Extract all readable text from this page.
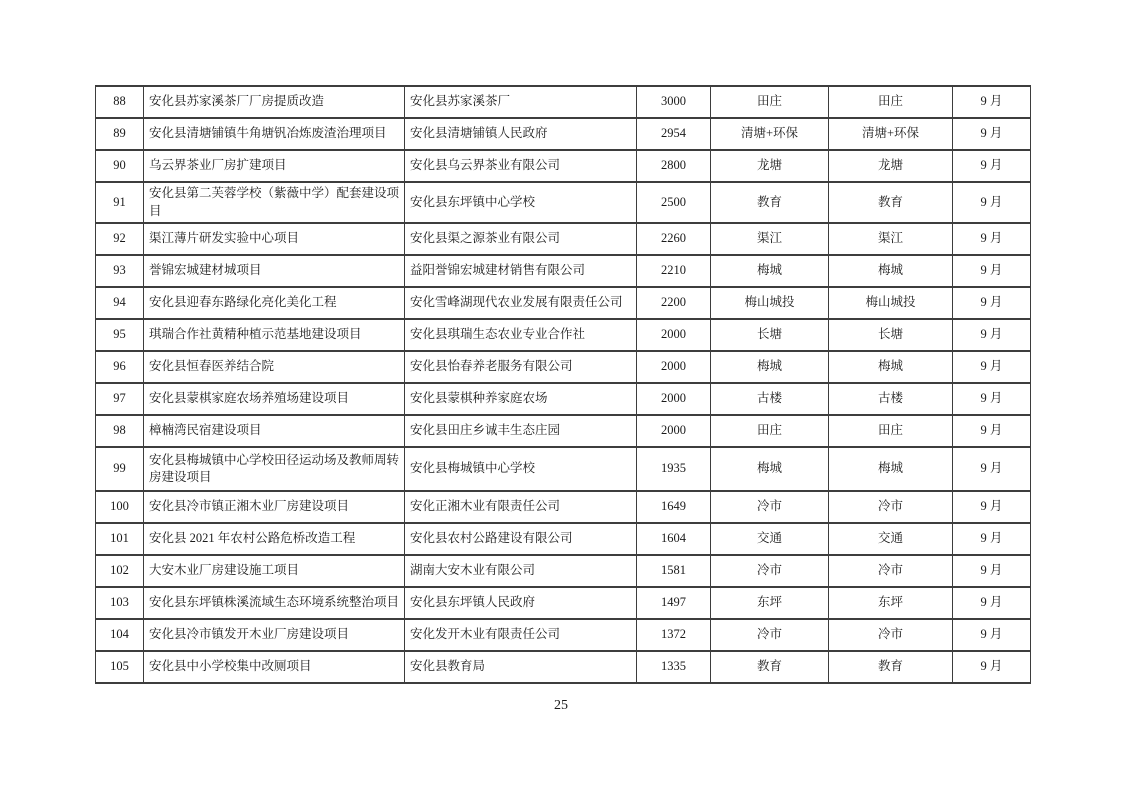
88	安化县苏家溪茶厂厂房提质改造	安化县苏家溪茶厂	3000	田庄	田庄	9 月
89	安化县清塘铺镇牛角塘钒冶炼废渣治理项目	安化县清塘铺镇人民政府	2954	清塘+环保	清塘+环保	9 月
90	乌云界茶业厂房扩建项目	安化县乌云界茶业有限公司	2800	龙塘	龙塘	9 月
91	安化县第二芙蓉学校（紫薇中学）配套建设项目	安化县东坪镇中心学校	2500	教育	教育	9 月
92	渠江薄片研发实验中心项目	安化县渠之源茶业有限公司	2260	渠江	渠江	9 月
93	誉锦宏城建材城项目	益阳誉锦宏城建材销售有限公司	2210	梅城	梅城	9 月
94	安化县迎春东路绿化亮化美化工程	安化雪峰湖现代农业发展有限责任公司	2200	梅山城投	梅山城投	9 月
95	琪瑞合作社黄精种植示范基地建设项目	安化县琪瑞生态农业专业合作社	2000	长塘	长塘	9 月
96	安化县恒春医养结合院	安化县怡春养老服务有限公司	2000	梅城	梅城	9 月
97	安化县蒙棋家庭农场养殖场建设项目	安化县蒙棋种养家庭农场	2000	古楼	古楼	9 月
98	樟楠湾民宿建设项目	安化县田庄乡诚丰生态庄园	2000	田庄	田庄	9 月
99	安化县梅城镇中心学校田径运动场及教师周转房建设项目	安化县梅城镇中心学校	1935	梅城	梅城	9 月
100	安化县冷市镇正湘木业厂房建设项目	安化正湘木业有限责任公司	1649	冷市	冷市	9 月
101	安化县 2021 年农村公路危桥改造工程	安化县农村公路建设有限公司	1604	交通	交通	9 月
102	大安木业厂房建设施工项目	湖南大安木业有限公司	1581	冷市	冷市	9 月
103	安化县东坪镇株溪流域生态环境系统整治项目	安化县东坪镇人民政府	1497	东坪	东坪	9 月
104	安化县冷市镇发开木业厂房建设项目	安化发开木业有限责任公司	1372	冷市	冷市	9 月
105	安化县中小学校集中改厕项目	安化县教育局	1335	教育	教育	9 月
25
